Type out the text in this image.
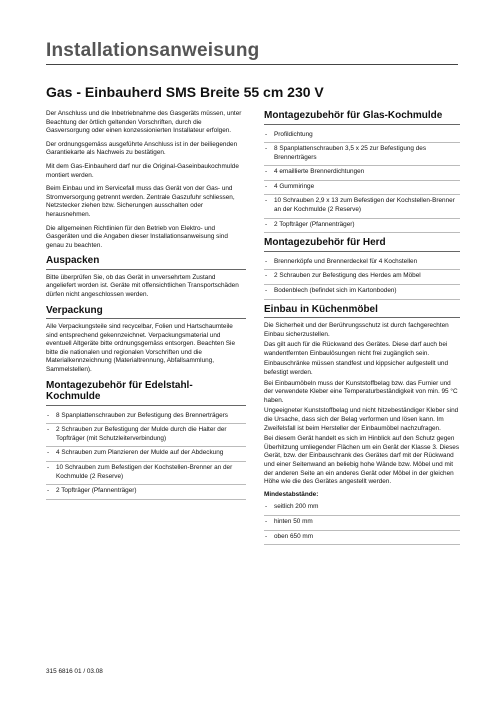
Installationsanweisung
Gas - Einbauherd SMS Breite 55 cm 230 V

Der Anschluss und die Inbetriebnahme des Gasgeräts müssen, unter Beachtung der örtlich geltenden Vorschriften, durch die Gasversorgung oder einen konzessionierten Installateur erfolgen.

Der ordnungsgemäss ausgeführte Anschluss ist in der beiliegenden Garantiekarte als Nachweis zu bestätigen.

Mit dem Gas-Einbauherd darf nur die Original-Gaseinbaukochmulde montiert werden.

Beim Einbau und im Servicefall muss das Gerät von der Gas- und Stromversorgung getrennt werden. Zentrale Gaszufuhr schliessen, Netzstecker ziehen bzw. Sicherungen ausschalten oder herausnehmen.

Die allgemeinen Richtlinien für den Betrieb von Elektro- und Gasgeräten und die Angaben dieser Installationsanweisung sind genau zu beachten.

Auspacken

Bitte überprüfen Sie, ob das Gerät in unversehrtem Zustand angeliefert worden ist. Geräte mit offensichtlichen Transportschäden dürfen nicht angeschlossen werden.

Verpackung

Alle Verpackungsteile sind recycelbar, Folien und Hartschaumteile sind entsprechend gekennzeichnet. Verpackungsmaterial und eventuell Altgeräte bitte ordnungsgemäss entsorgen. Beachten Sie bitte die nationalen und regionalen Vorschriften und die Materialkennzeichnung (Materialtrennung, Abfallsammlung, Sammelstellen).

Montagezubehör für Edelstahl-Kochmulde
- 8 Spanplattenschrauben zur Befestigung des Brennerträgers
- 2 Schrauben zur Befestigung der Mulde durch die Halter der Topfträger (mit Schutzleiterverbindung)
- 4 Schrauben zum Planzieren der Mulde auf der Abdeckung
- 10 Schrauben zum Befestigen der Kochstellen-Brenner an der Kochmulde (2 Reserve)
- 2 Topfträger (Pfannenträger)
Montagezubehör für Glas-Kochmulde
- Profildichtung
- 8 Spanplattenschrauben 3,5 x 25 zur Befestigung des Brennerträgers
- 4 emaillierte Brennerdichtungen
- 4 Gummiringe
- 10 Schrauben 2,9 x 13 zum Befestigen der Kochstellen-Brenner an der Kochmulde (2 Reserve)
- 2 Topfträger (Pfannenträger)
Montagezubehör für Herd
- Brennerköpfe und Brennerdeckel für 4 Kochstellen
- 2 Schrauben zur Befestigung des Herdes am Möbel
- Bodenblech (befindet sich im Kartonboden)
Einbau in Küchenmöbel

Die Sicherheit und der Berührungsschutz ist durch fachgerechten Einbau sicherzustellen.

Das gilt auch für die Rückwand des Gerätes. Diese darf auch bei wandentfernten Einbaulösungen nicht frei zugänglich sein.

Einbauschränke müssen standfest und kippsicher aufgestellt und befestigt werden.

Bei Einbaumöbeln muss der Kunststoffbelag bzw. das Furnier und der verwendete Kleber eine Temperaturbeständigkeit von min. 95 °C haben.

Ungeeigneter Kunststoffbelag und nicht hitzebeständiger Kleber sind die Ursache, dass sich der Belag verformen und lösen kann. Im Zweifelsfall ist beim Hersteller der Einbaumöbel nachzufragen.

Bei diesem Gerät handelt es sich im Hinblick auf den Schutz gegen Überhitzung umliegender Flächen um ein Gerät der Klasse 3. Dieses Gerät, bzw. der Einbauschrank des Gerätes darf mit der Rückwand und einer Seitenwand an beliebig hohe Wände bzw. Möbel und mit der anderen Seite an ein anderes Gerät oder Möbel in der gleichen Höhe wie die des Gerätes angestellt werden.

Mindestabstände:
- seitlich 200 mm
- hinten 50 mm
- oben 650 mm
315 6816 01 / 03.08
